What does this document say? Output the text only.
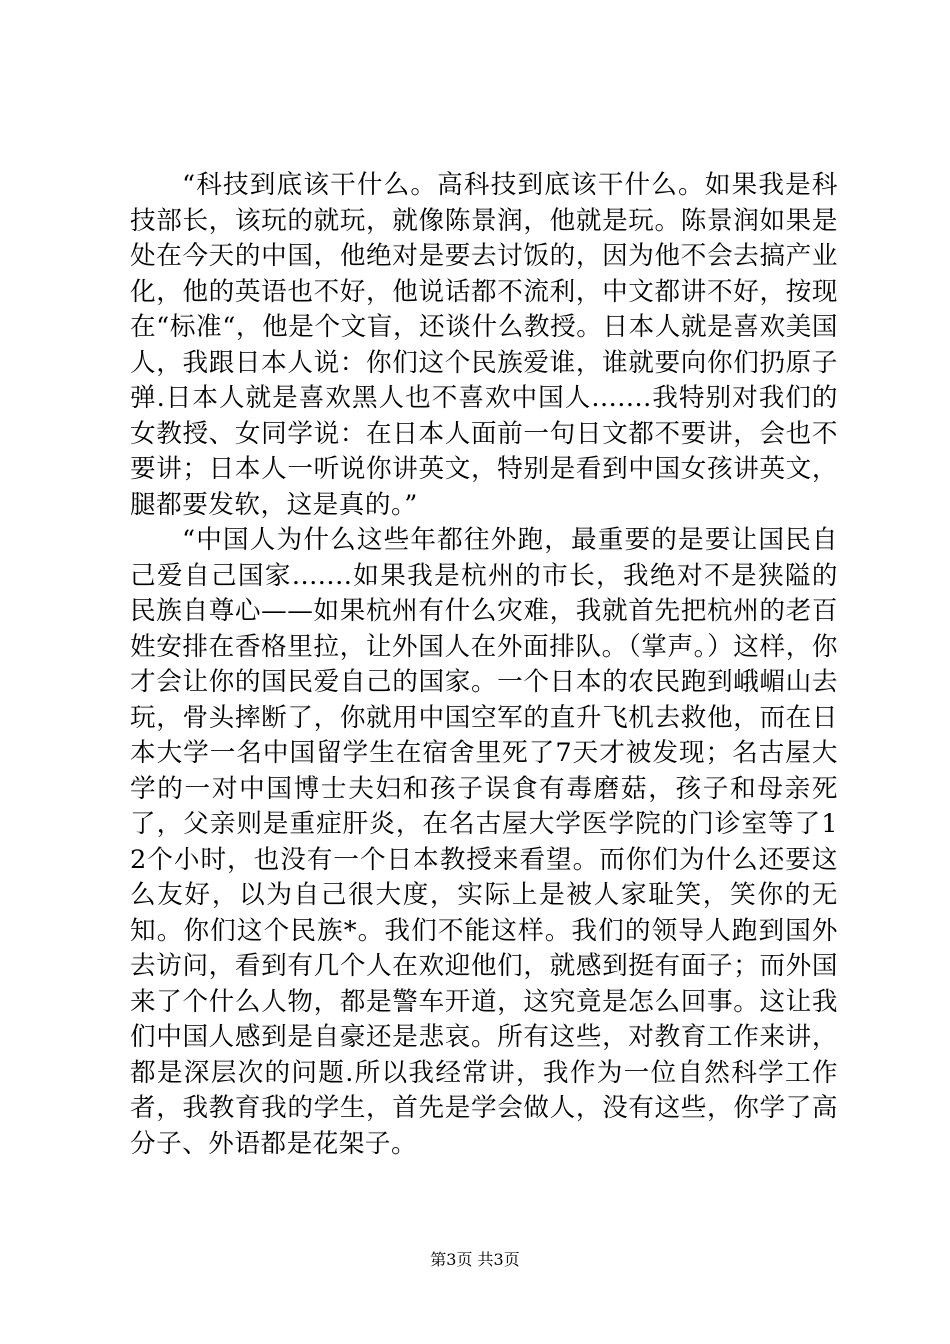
“科技到底该干什么。高科技到底该干什么。如果我是科技部长，该玩的就玩，就像陈景润，他就是玩。陈景润如果是处在今天的中国，他绝对是要去讨饭的，因为他不会去搞产业化，他的英语也不好，他说话都不流利，中文都讲不好，按现在“标准“，他是个文盲，还谈什么教授。日本人就是喜欢美国人，我跟日本人说：你们这个民族爱谁，谁就要向你们扔原子弹.日本人就是喜欢黑人也不喜欢中国人.......我特别对我们的女教授、女同学说：在日本人面前一句日文都不要讲，会也不要讲；日本人一听说你讲英文，特别是看到中国女孩讲英文，腿都要发软，这是真的。”

“中国人为什么这些年都往外跑，最重要的是要让国民自己爱自己国家.......如果我是杭州的市长，我绝对不是狭隘的民族自尊心——如果杭州有什么灾难，我就首先把杭州的老百姓安排在香格里拉，让外国人在外面排队。（掌声。）这样，你才会让你的国民爱自己的国家。一个日本的农民跑到峨嵋山去玩，骨头摔断了，你就用中国空军的直升飞机去救他，而在日本大学一名中国留学生在宿舍里死了7天才被发现；名古屋大学的一对中国博士夫妇和孩子误食有毒磨菇，孩子和母亲死了，父亲则是重症肝炎，在名古屋大学医学院的门诊室等了12个小时，也没有一个日本教授来看望。而你们为什么还要这么友好，以为自己很大度，实际上是被人家耻笑，笑你的无知。你们这个民族*。我们不能这样。我们的领导人跑到国外去访问，看到有几个人在欢迎他们，就感到挺有面子；而外国来了个什么人物，都是警车开道，这究竟是怎么回事。这让我们中国人感到是自豪还是悲哀。所有这些，对教育工作来讲，都是深层次的问题.所以我经常讲，我作为一位自然科学工作者，我教育我的学生，首先是学会做人，没有这些，你学了高分子、外语都是花架子。

第3页 共3页
